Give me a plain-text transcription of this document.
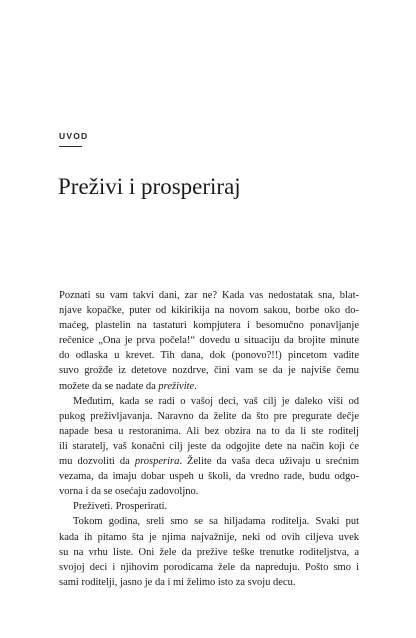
UVOD
Preživi i prosperiraj
Poznati su vam takvi dani, zar ne? Kada vas nedostatak sna, blat-
njave kopačke, puter od kikirikija na novom sakou, borbe oko do-
maćeg, plastelin na tastaturi kompjutera i besomučno ponavljanje
rečenice „Ona je prva počela!“ dovedu u situaciju da brojite minute
do odlaska u krevet. Tih dana, dok (ponovo?!!) pincetom vadite
suvo grožđe iz detetove nozdrve, čini vam se da je najviše čemu
možete da se nadate da preživite.
Međutim, kada se radi o vašoj deci, vaš cilj je daleko viši od
pukog preživljavanja. Naravno da želite da što pre pregurate dečje
napade besa u restoranima. Ali bez obzira na to da li ste roditelj
ili staratelj, vaš konačni cilj jeste da odgojite dete na način koji će
mu dozvoliti da prosperira. Želite da vaša deca uživaju u srećnim
vezama, da imaju dobar uspeh u školi, da vredno rade, budu odgo-
vorna i da se osećaju zadovoljno.
Preživeti. Prosperirati.
Tokom godina, sreli smo se sa hiljadama roditelja. Svaki put
kada ih pitamo šta je njima najvažnije, neki od ovih ciljeva uvek
su na vrhu liste. Oni žele da prežive teške trenutke roditeljstva, a
svojoj deci i njihovim porodicama žele da napreduju. Pošto smo i
sami roditelji, jasno je da i mi želimo isto za svoju decu.
